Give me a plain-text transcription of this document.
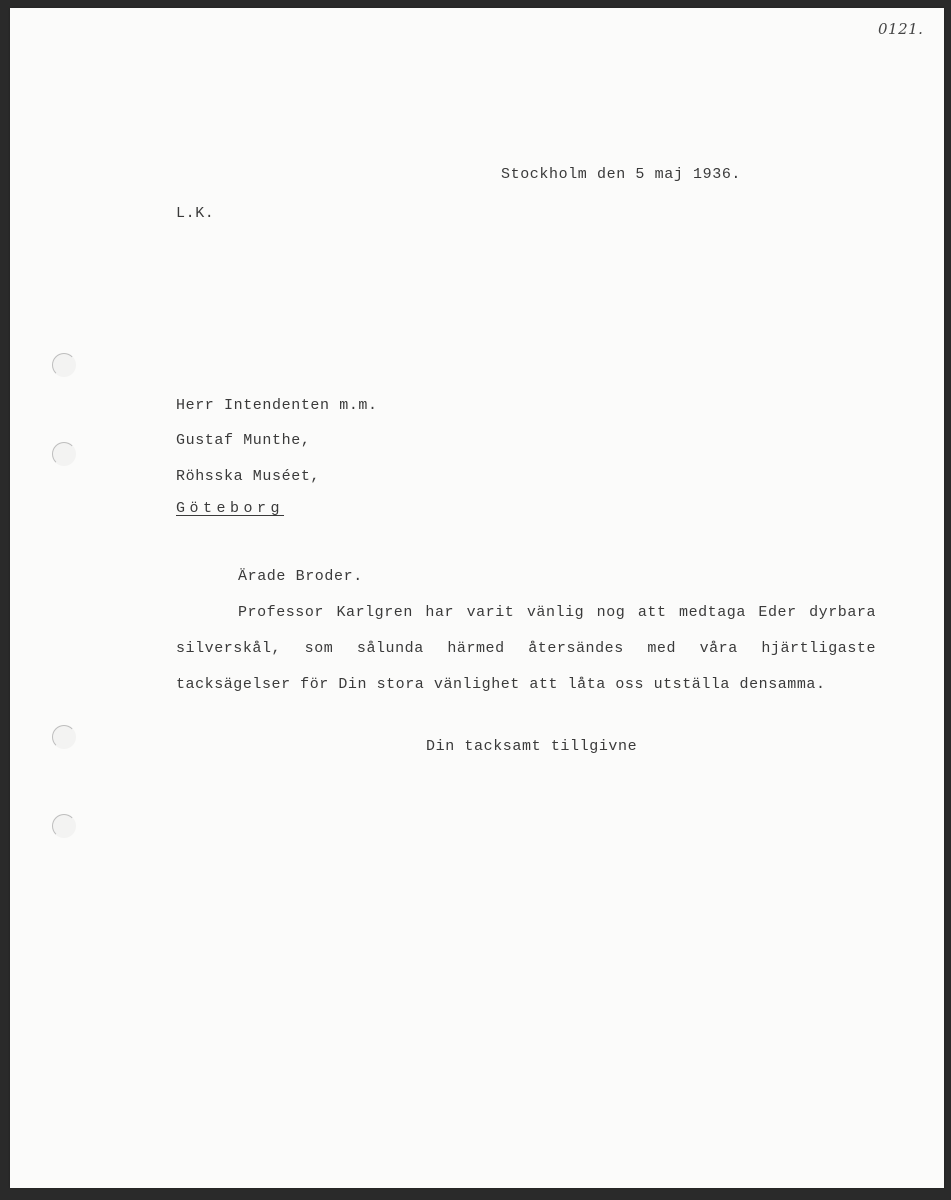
0121.
Stockholm den 5 maj 1936.
L.K.
Herr Intendenten m.m.
Gustaf Munthe,
Röhsska Muséet,
Göteborg
Ärade Broder.

Professor Karlgren har varit vänlig nog att medtaga Eder dyrbara silverskål, som sålunda härmed återsändes med våra hjärtligaste tacksägelser för Din stora vänlighet att låta oss utställa densamma.

Din tacksamt tillgivne
